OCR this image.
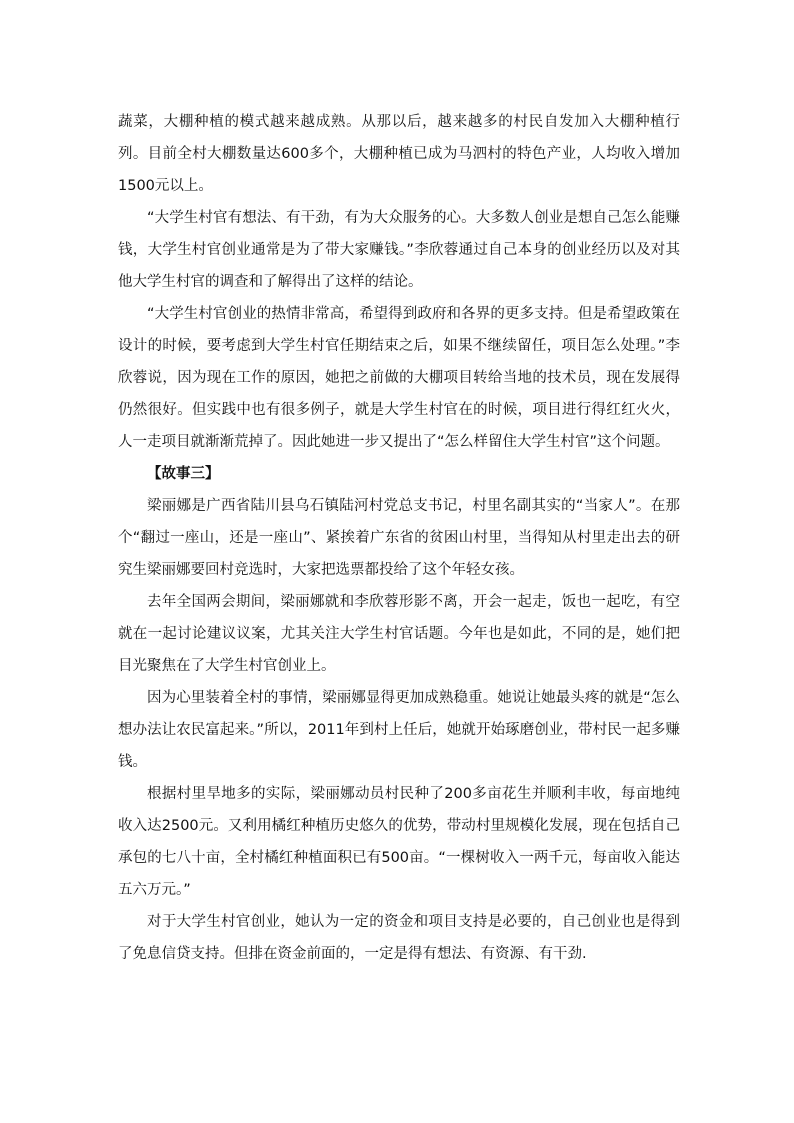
蔬菜，大棚种植的模式越来越成熟。从那以后，越来越多的村民自发加入大棚种植行列。目前全村大棚数量达600多个，大棚种植已成为马泗村的特色产业，人均收入增加1500元以上。

“大学生村官有想法、有干劲，有为大众服务的心。大多数人创业是想自己怎么能赚钱，大学生村官创业通常是为了带大家赚钱。”李欣蓉通过自己本身的创业经历以及对其他大学生村官的调查和了解得出了这样的结论。

“大学生村官创业的热情非常高，希望得到政府和各界的更多支持。但是希望政策在设计的时候，要考虑到大学生村官任期结束之后，如果不继续留任，项目怎么处理。”李欣蓉说，因为现在工作的原因，她把之前做的大棚项目转给当地的技术员，现在发展得仍然很好。但实践中也有很多例子，就是大学生村官在的时候，项目进行得红红火火，人一走项目就渐渐荒掉了。因此她进一步又提出了“怎么样留住大学生村官”这个问题。

【故事三】

梁丽娜是广西省陆川县乌石镇陆河村党总支书记，村里名副其实的“当家人”。在那个“翻过一座山，还是一座山”、紧挨着广东省的贫困山村里，当得知从村里走出去的研究生梁丽娜要回村竞选时，大家把选票都投给了这个年轻女孩。

去年全国两会期间，梁丽娜就和李欣蓉形影不离，开会一起走，饭也一起吃，有空就在一起讨论建议议案，尤其关注大学生村官话题。今年也是如此，不同的是，她们把目光聚焦在了大学生村官创业上。

因为心里装着全村的事情，梁丽娜显得更加成熟稳重。她说让她最头疼的就是“怎么想办法让农民富起来。”所以，2011年到村上任后，她就开始琢磨创业，带村民一起多赚钱。

根据村里旱地多的实际，梁丽娜动员村民种了200多亩花生并顺利丰收，每亩地纯收入达2500元。又利用橘红种植历史悠久的优势，带动村里规模化发展，现在包括自己承包的七八十亩，全村橘红种植面积已有500亩。“一棵树收入一两千元，每亩收入能达五六万元。”

对于大学生村官创业，她认为一定的资金和项目支持是必要的，自己创业也是得到了免息信贷支持。但排在资金前面的，一定是得有想法、有资源、有干劲.
